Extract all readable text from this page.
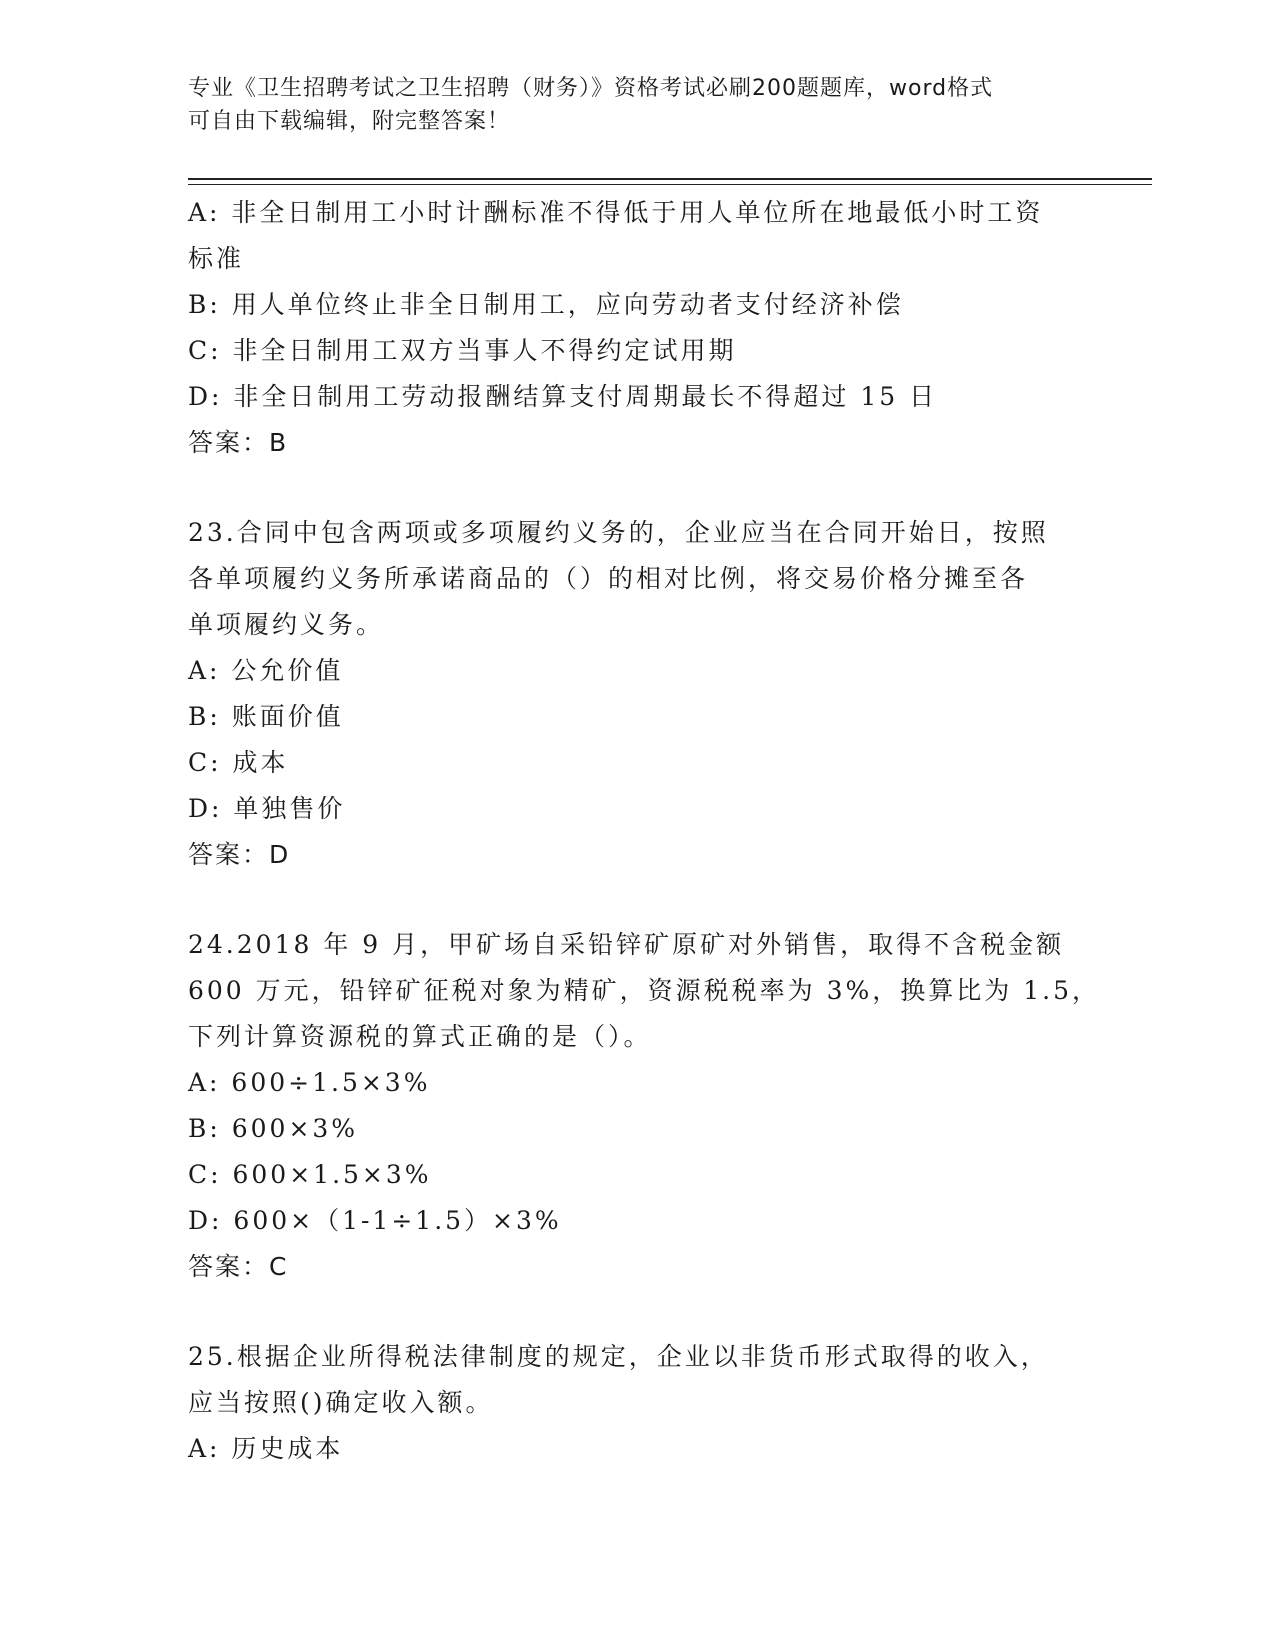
专业《卫生招聘考试之卫生招聘（财务）》资格考试必刷200题题库，word格式
可自由下载编辑，附完整答案！
A: 非全日制用工小时计酬标准不得低于用人单位所在地最低小时工资
标准
B: 用人单位终止非全日制用工，应向劳动者支付经济补偿
C: 非全日制用工双方当事人不得约定试用期
D: 非全日制用工劳动报酬结算支付周期最长不得超过 15 日
答案：B
23.合同中包含两项或多项履约义务的，企业应当在合同开始日，按照
各单项履约义务所承诺商品的（）的相对比例，将交易价格分摊至各
单项履约义务。
A: 公允价值
B: 账面价值
C: 成本
D: 单独售价
答案：D
24.2018 年 9 月，甲矿场自采铅锌矿原矿对外销售，取得不含税金额
600 万元，铅锌矿征税对象为精矿，资源税税率为 3%，换算比为 1.5，
下列计算资源税的算式正确的是（）。
A: 600÷1.5×3%
B: 600×3%
C: 600×1.5×3%
D: 600×（1-1÷1.5）×3%
答案：C
25.根据企业所得税法律制度的规定，企业以非货币形式取得的收入，
应当按照()确定收入额。
A: 历史成本
